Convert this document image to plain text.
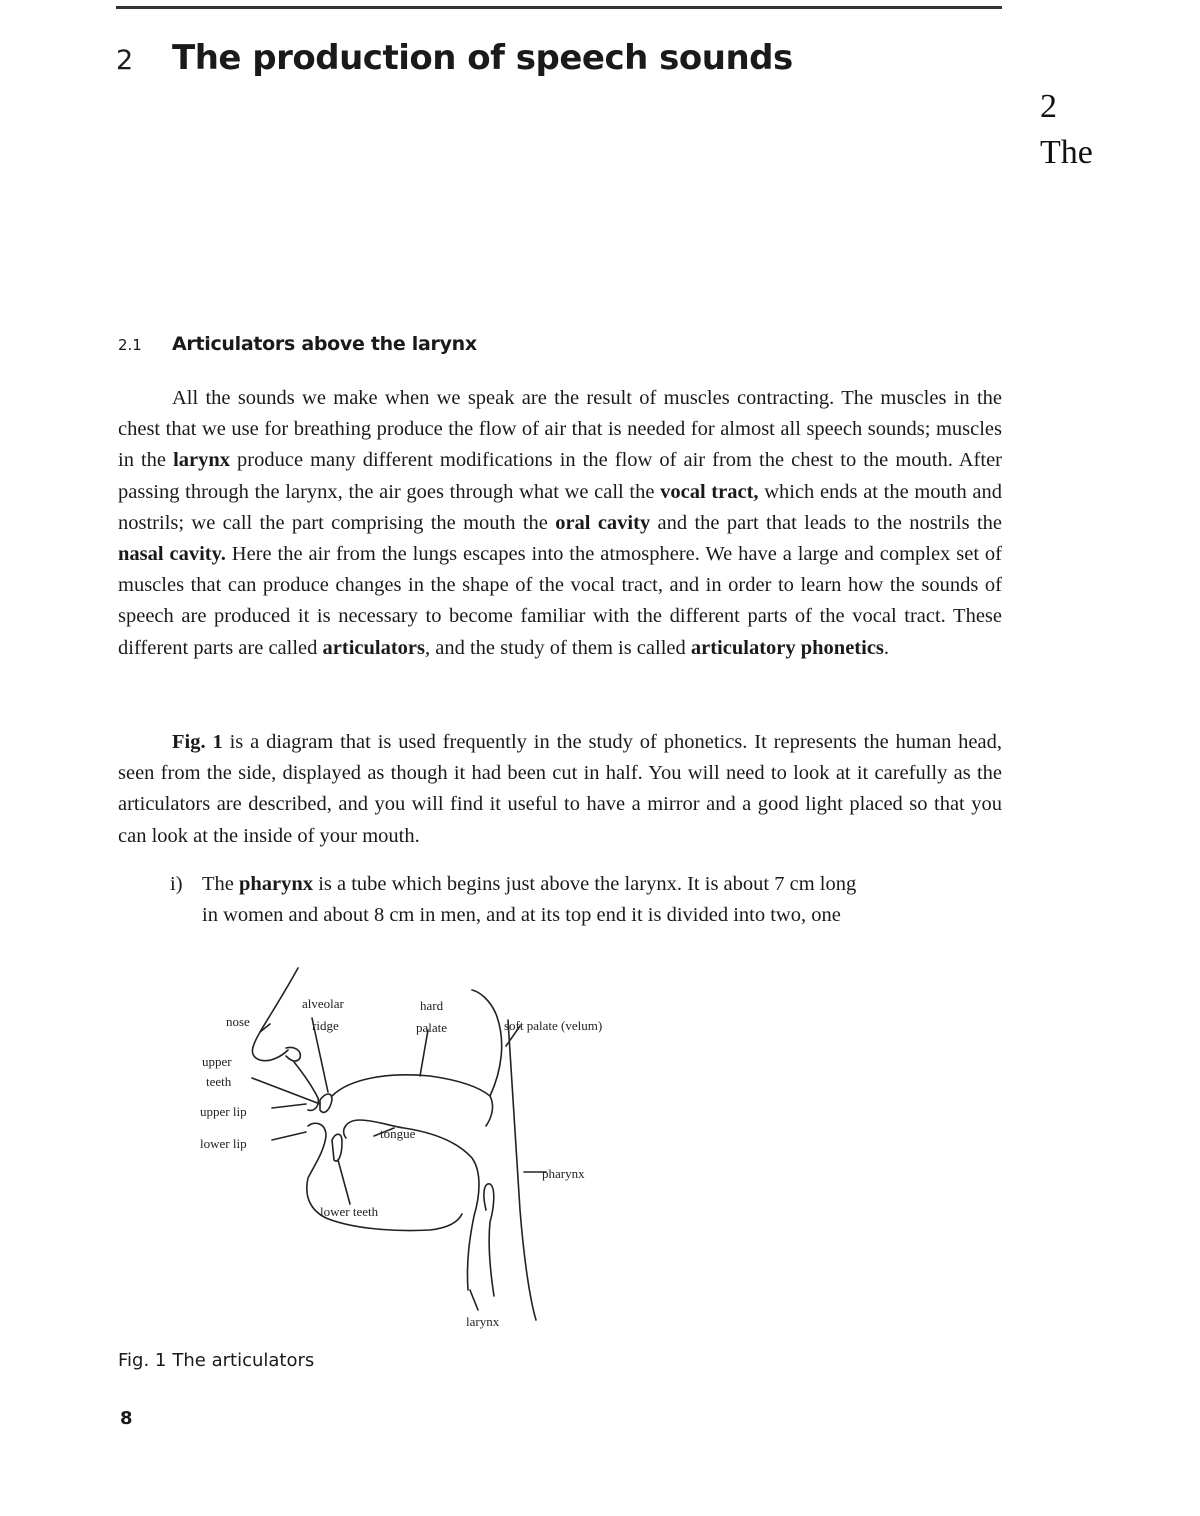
2 The production of speech sounds
2
The
2.1 Articulators above the larynx

All the sounds we make when we speak are the result of muscles contracting. The muscles in the chest that we use for breathing produce the flow of air that is needed for almost all speech sounds; muscles in the larynx produce many different modifications in the flow of air from the chest to the mouth. After passing through the larynx, the air goes through what we call the vocal tract, which ends at the mouth and nostrils; we call the part comprising the mouth the oral cavity and the part that leads to the nostrils the nasal cavity. Here the air from the lungs escapes into the atmosphere. We have a large and complex set of muscles that can produce changes in the shape of the vocal tract, and in order to learn how the sounds of speech are produced it is necessary to become familiar with the different parts of the vocal tract. These different parts are called articulators, and the study of them is called articulatory phonetics.

Fig. 1 is a diagram that is used frequently in the study of phonetics. It represents the human head, seen from the side, displayed as though it had been cut in half. You will need to look at it carefully as the articulators are described, and you will find it useful to have a mirror and a good light placed so that you can look at the inside of your mouth.

i) The pharynx is a tube which begins just above the larynx. It is about 7 cm long
in women and about 8 cm in men, and at its top end it is divided into two, one
nose
alveolar
ridge
hard
palate	soft palate (velum)
upper
teeth
upper lip
lower lip
tongue
pharynx
lower teeth
larynx
Fig. 1 The articulators
8
